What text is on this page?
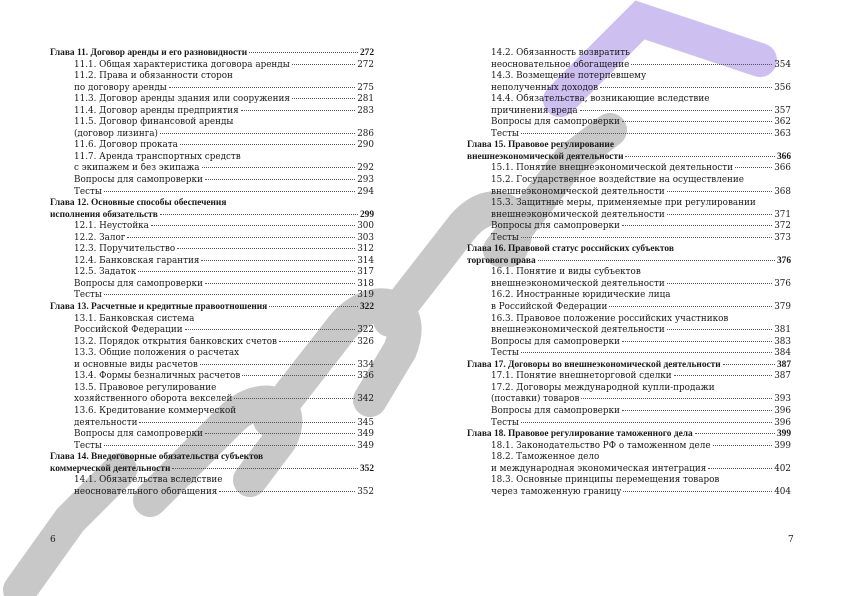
Глава 11. Договор аренды и его разновидности	272
11.1. Общая характеристика договора аренды	272
11.2. Права и обязанности сторон
по договору аренды	275
11.3. Договор аренды здания или сооружения	281
11.4. Договор аренды предприятия	283
11.5. Договор финансовой аренды
(договор лизинга)	286
11.6. Договор проката	290
11.7. Аренда транспортных средств
с экипажем и без экипажа	292
Вопросы для самопроверки	293
Тесты	294
Глава 12. Основные способы обеспечения
исполнения обязательств	299
12.1. Неустойка	300
12.2. Залог	303
12.3. Поручительство	312
12.4. Банковская гарантия	314
12.5. Задаток	317
Вопросы для самопроверки	318
Тесты	319
Глава 13. Расчетные и кредитные правоотношения	322
13.1. Банковская система
Российской Федерации	322
13.2. Порядок открытия банковских счетов	326
13.3. Общие положения о расчетах
и основные виды расчетов	334
13.4. Формы безналичных расчетов	336
13.5. Правовое регулирование
хозяйственного оборота векселей	342
13.6. Кредитование коммерческой
деятельности	345
Вопросы для самопроверки	349
Тесты	349
Глава 14. Внедоговорные обязательства субъектов
коммерческой деятельности	352
14.1. Обязательства вследствие
неосновательного обогащения	352
14.2. Обязанность возвратить
неосновательное обогащение	354
14.3. Возмещение потерпевшему
неполученных доходов	356
14.4. Обязательства, возникающие вследствие
причинения вреда	357
Вопросы для самопроверки	362
Тесты	363
Глава 15. Правовое регулирование
внешнеэкономической деятельности	366
15.1. Понятие внешнеэкономической деятельности	366
15.2. Государственное воздействие на осуществление
внешнеэкономической деятельности	368
15.3. Защитные меры, применяемые при регулировании
внешнеэкономической деятельности	371
Вопросы для самопроверки	372
Тесты	373
Глава 16. Правовой статус российских субъектов
торгового права	376
16.1. Понятие и виды субъектов
внешнеэкономической деятельности	376
16.2. Иностранные юридические лица
в Российской Федерации	379
16.3. Правовое положение российских участников
внешнеэкономической деятельности	381
Вопросы для самопроверки	383
Тесты	384
Глава 17. Договоры во внешнеэкономической деятельности	387
17.1. Понятие внешнеторговой сделки	387
17.2. Договоры международной купли-продажи
(поставки) товаров	393
Вопросы для самопроверки	396
Тесты	396
Глава 18. Правовое регулирование таможенного дела	399
18.1. Законодательство РФ о таможенном деле	399
18.2. Таможенное дело
и международная экономическая интеграция	402
18.3. Основные принципы перемещения товаров
через таможенную границу	404
6	7
